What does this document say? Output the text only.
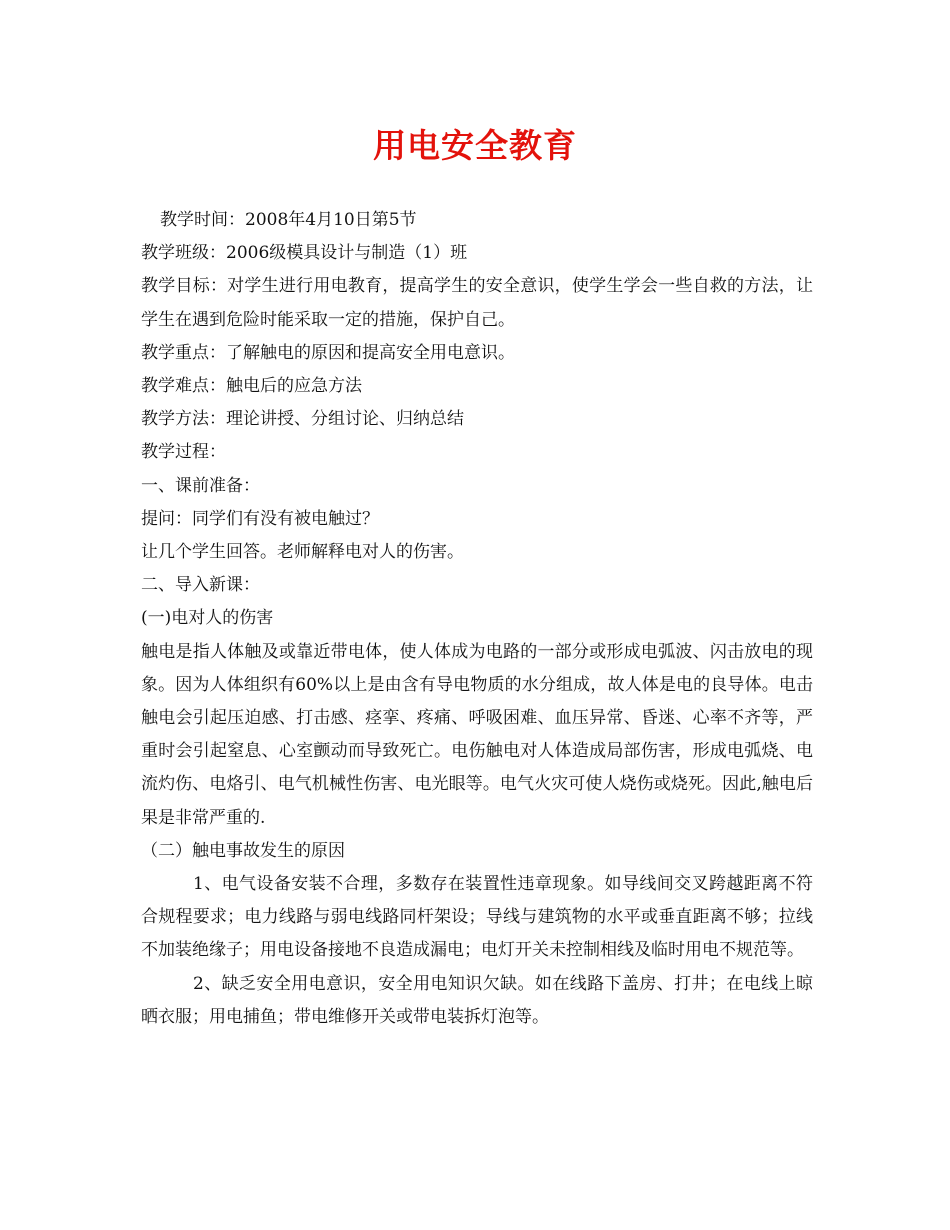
用电安全教育

教学时间：2008年4月10日第5节

教学班级：2006级模具设计与制造（1）班

教学目标：对学生进行用电教育，提高学生的安全意识，使学生学会一些自救的方法，让学生在遇到危险时能采取一定的措施，保护自己。

教学重点：了解触电的原因和提高安全用电意识。

教学难点：触电后的应急方法

教学方法：理论讲授、分组讨论、归纳总结

教学过程：

一、课前准备：

提问：同学们有没有被电触过？

让几个学生回答。老师解释电对人的伤害。

二、导入新课：

(一)电对人的伤害

触电是指人体触及或靠近带电体，使人体成为电路的一部分或形成电弧波、闪击放电的现象。因为人体组织有60%以上是由含有导电物质的水分组成，故人体是电的良导体。电击触电会引起压迫感、打击感、痉挛、疼痛、呼吸困难、血压异常、昏迷、心率不齐等，严重时会引起窒息、心室颤动而导致死亡。电伤触电对人体造成局部伤害，形成电弧烧、电流灼伤、电烙引、电气机械性伤害、电光眼等。电气火灾可使人烧伤或烧死。因此,触电后果是非常严重的.

（二）触电事故发生的原因

1、电气设备安装不合理，多数存在装置性违章现象。如导线间交叉跨越距离不符合规程要求；电力线路与弱电线路同杆架设；导线与建筑物的水平或垂直距离不够；拉线不加装绝缘子；用电设备接地不良造成漏电；电灯开关未控制相线及临时用电不规范等。

2、缺乏安全用电意识，安全用电知识欠缺。如在线路下盖房、打井；在电线上晾晒衣服；用电捕鱼；带电维修开关或带电装拆灯泡等。
